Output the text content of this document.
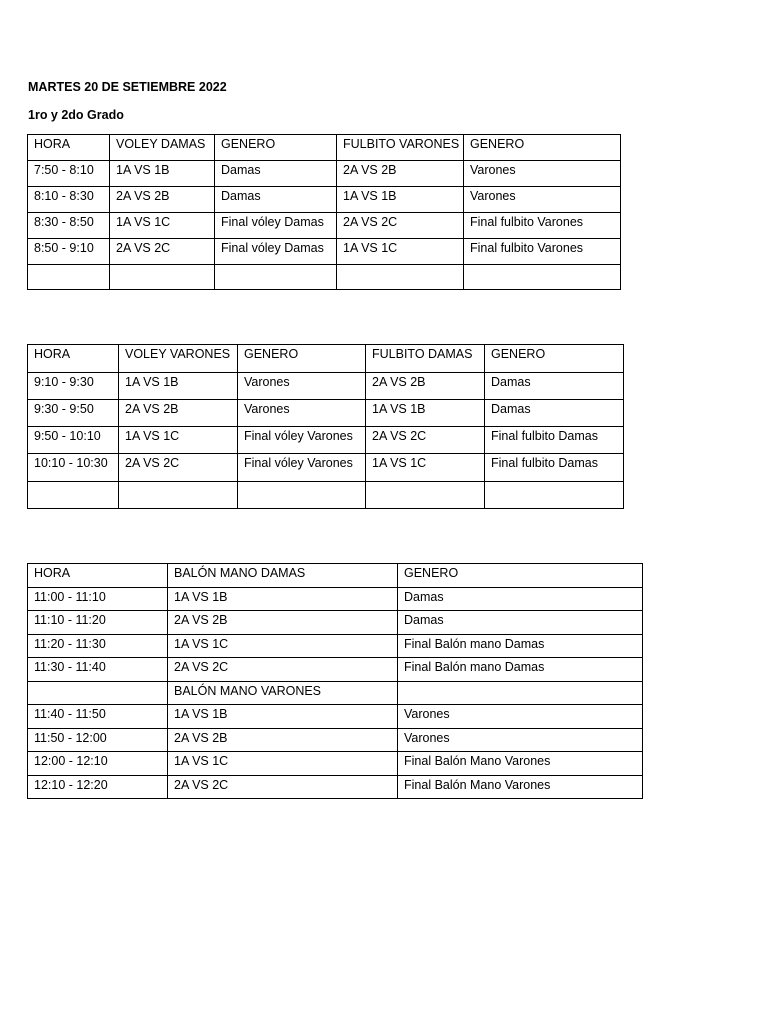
MARTES 20 DE SETIEMBRE 2022
1ro y 2do Grado
HORA	VOLEY DAMAS	GENERO	FULBITO VARONES	GENERO
7:50 - 8:10	1A VS 1B	Damas	2A VS 2B	Varones
8:10 - 8:30	2A VS 2B	Damas	1A VS 1B	Varones
8:30 - 8:50	1A VS 1C	Final vóley Damas	2A VS 2C	Final fulbito Varones
8:50 - 9:10	2A VS 2C	Final vóley Damas	1A VS 1C	Final fulbito Varones

HORA	VOLEY VARONES	GENERO	FULBITO DAMAS	GENERO
9:10 - 9:30	1A VS 1B	Varones	2A VS 2B	Damas
9:30 - 9:50	2A VS 2B	Varones	1A VS 1B	Damas
9:50 - 10:10	1A VS 1C	Final vóley Varones	2A VS 2C	Final fulbito Damas
10:10 - 10:30	2A VS 2C	Final vóley Varones	1A VS 1C	Final fulbito Damas

HORA	BALÓN MANO DAMAS	GENERO
11:00 - 11:10	1A VS 1B	Damas
11:10 - 11:20	2A VS 2B	Damas
11:20 - 11:30	1A VS 1C	Final Balón mano Damas
11:30 - 11:40	2A VS 2C	Final Balón mano Damas
	BALÓN MANO VARONES	
11:40 - 11:50	1A VS 1B	Varones
11:50 - 12:00	2A VS 2B	Varones
12:00 - 12:10	1A VS 1C	Final Balón Mano Varones
12:10 - 12:20	2A VS 2C	Final Balón Mano Varones
